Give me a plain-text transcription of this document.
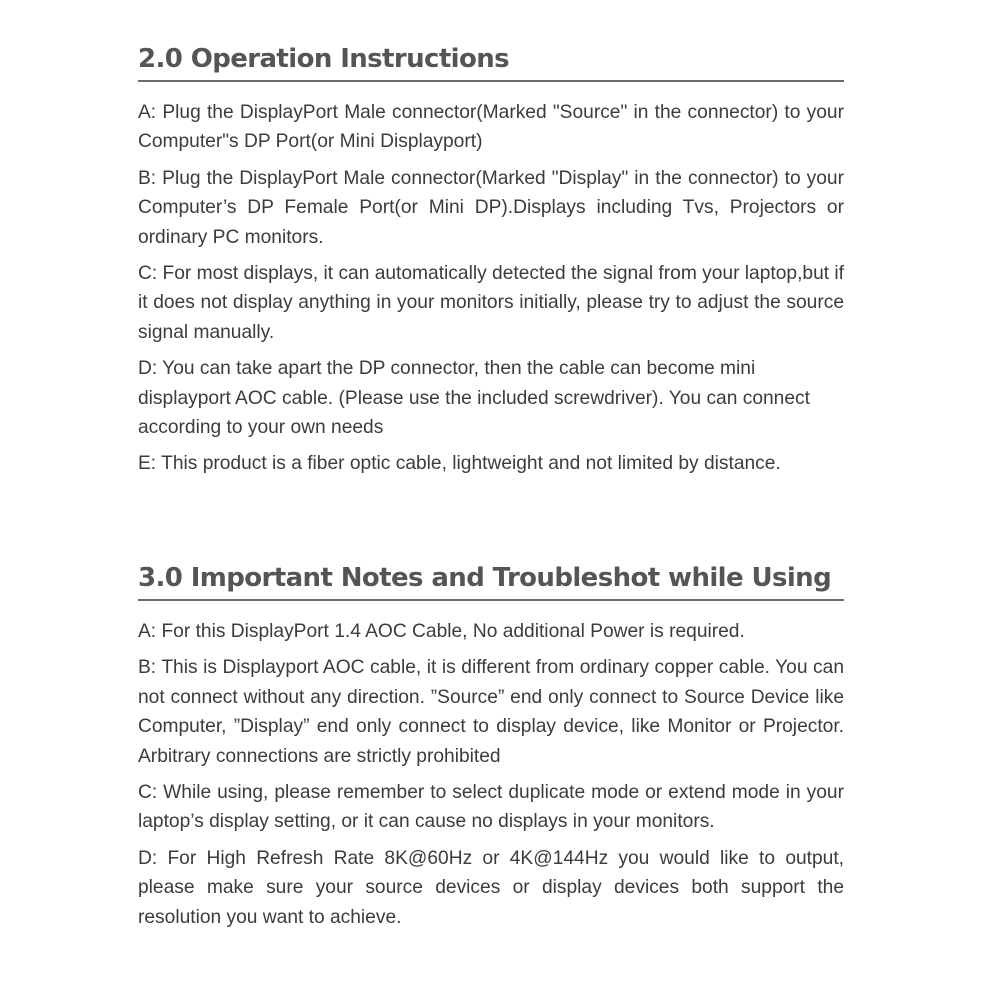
2.0 Operation Instructions

A: Plug the DisplayPort Male connector(Marked "Source" in the connector) to your Computer"s DP Port(or Mini Displayport)

B: Plug the DisplayPort Male connector(Marked "Display" in the connector) to your Computer’s DP Female Port(or Mini DP).Displays including Tvs, Projectors or ordinary PC monitors.

C: For most displays, it can automatically detected the signal from your laptop,but if it does not display anything in your monitors initially, please try to adjust the source signal manually.

D: You can take apart the DP connector, then the cable can become mini displayport AOC cable. (Please use the included screwdriver). You can connect according to your own needs

E: This product is a fiber optic cable, lightweight and not limited by distance.

3.0 Important Notes and Troubleshot while Using

A: For this DisplayPort 1.4 AOC Cable, No additional Power is required.

B: This is Displayport AOC cable, it is different from ordinary copper cable. You can not connect without any direction. ”Source” end only connect to Source Device like Computer, ”Display” end only connect to display device, like Monitor or Projector. Arbitrary connections are strictly prohibited

C: While using, please remember to select duplicate mode or extend mode in your laptop’s display setting, or it can cause no displays in your monitors.

D: For High Refresh Rate 8K@60Hz or 4K@144Hz you would like to output, please make sure your source devices or display devices both support the resolution you want to achieve.
